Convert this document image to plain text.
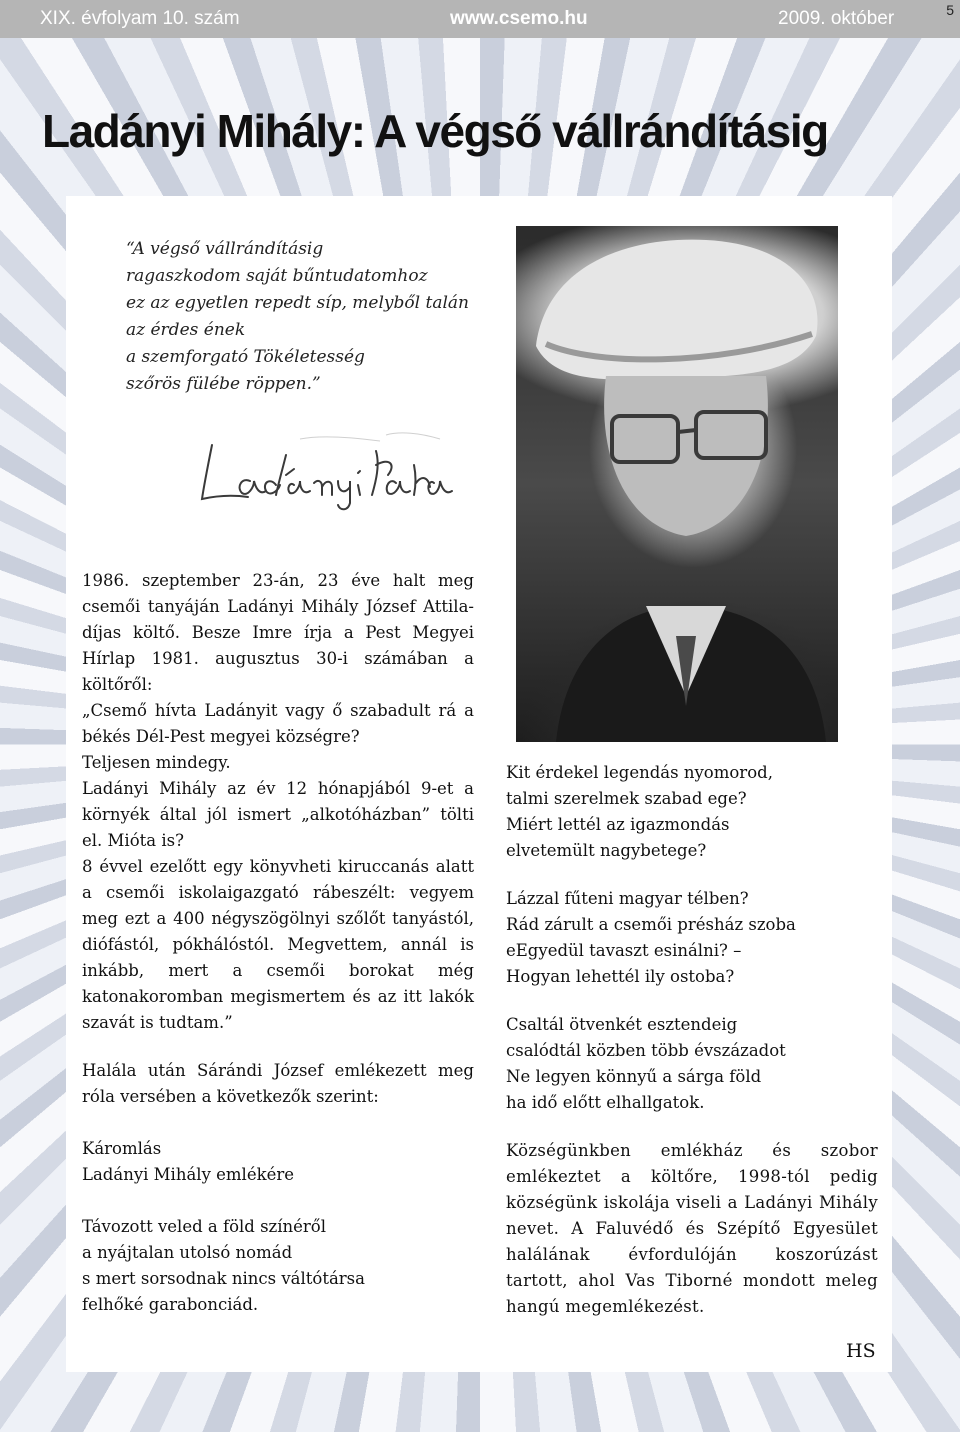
XIX. évfolyam 10. szám	www.csemo.hu	2009. október	5
Ladányi Mihály: A végső vállrándításig
“A végső vállrándításig
ragaszkodom saját bűntudatomhoz
ez az egyetlen repedt síp, melyből talán
az érdes ének
a szemforgató Tökéletesség
szőrös fülébe röppen.”

1986. szeptember 23-án, 23 éve halt meg csemői tanyáján Ladányi Mihály József Attila-díjas költő. Besze Imre írja a Pest Megyei Hírlap 1981. augusztus 30-i számában a költőről:

„Csemő hívta Ladányit vagy ő szabadult rá a békés Dél-Pest megyei községre?

Teljesen mindegy.

Ladányi Mihály az év 12 hónapjából 9-et a környék által jól ismert „alkotóházban” tölti el. Mióta is?

8 évvel ezelőtt egy könyvheti kiruccanás alatt a csemői iskolaigazgató rábeszélt: vegyem meg ezt a 400 négyszögölnyi szőlőt tanyástól, diófástól, pókhálóstól. Megvettem, annál is inkább, mert a csemői borokat még katonakoromban megismertem és az itt lakók szavát is tudtam.”

Halála után Sárándi József emlékezett meg róla versében a következők szerint:

Káromlás
Ladányi Mihály emlékére
Távozott veled a föld színéről
a nyájtalan utolsó nomád
s mert sorsodnak nincs váltótársa
felhőké garabonciád.
Kit érdekel legendás nyomorod,
talmi szerelmek szabad ege?
Miért lettél az igazmondás
elvetemült nagybetege?
Lázzal fűteni magyar télben?
Rád zárult a csemői présház szoba
eEgyedül tavaszt esinálni? –
Hogyan lehettél ily ostoba?
Csaltál ötvenkét esztendeig
csalódtál közben több évszázadot
Ne legyen könnyű a sárga föld
ha idő előtt elhallgatok.

Községünkben emlékház és szobor emlékeztet a költőre, 1998-tól pedig községünk iskolája viseli a Ladányi Mihály nevet. A Faluvédő és Szépítő Egyesület halálának évfordulóján koszorúzást tartott, ahol Vas Tiborné mondott meleg hangú megemlékezést.

HS
